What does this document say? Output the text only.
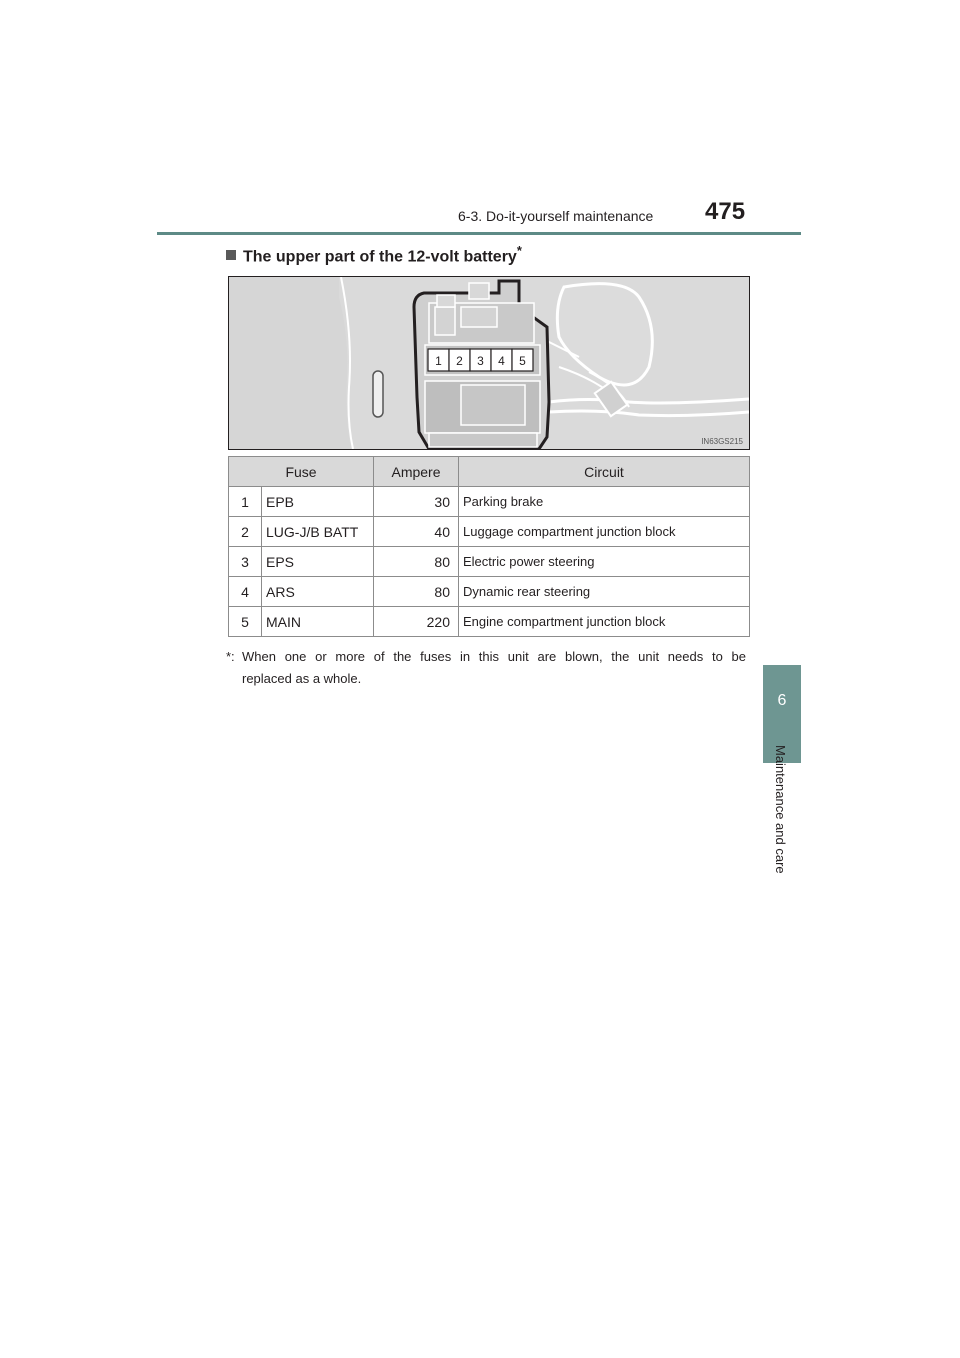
6-3. Do-it-yourself maintenance 475
6
Maintenance and care
The upper part of the 12-volt battery*
1 2 3 4 5
IN63GS215
Fuse		Ampere	Circuit
1	EPB	30	Parking brake
2	LUG-J/B BATT	40	Luggage compartment junction block
3	EPS	80	Electric power steering
4	ARS	80	Dynamic rear steering
5	MAIN	220	Engine compartment junction block
*: When one or more of the fuses in this unit are blown, the unit needs to be
replaced as a whole.
